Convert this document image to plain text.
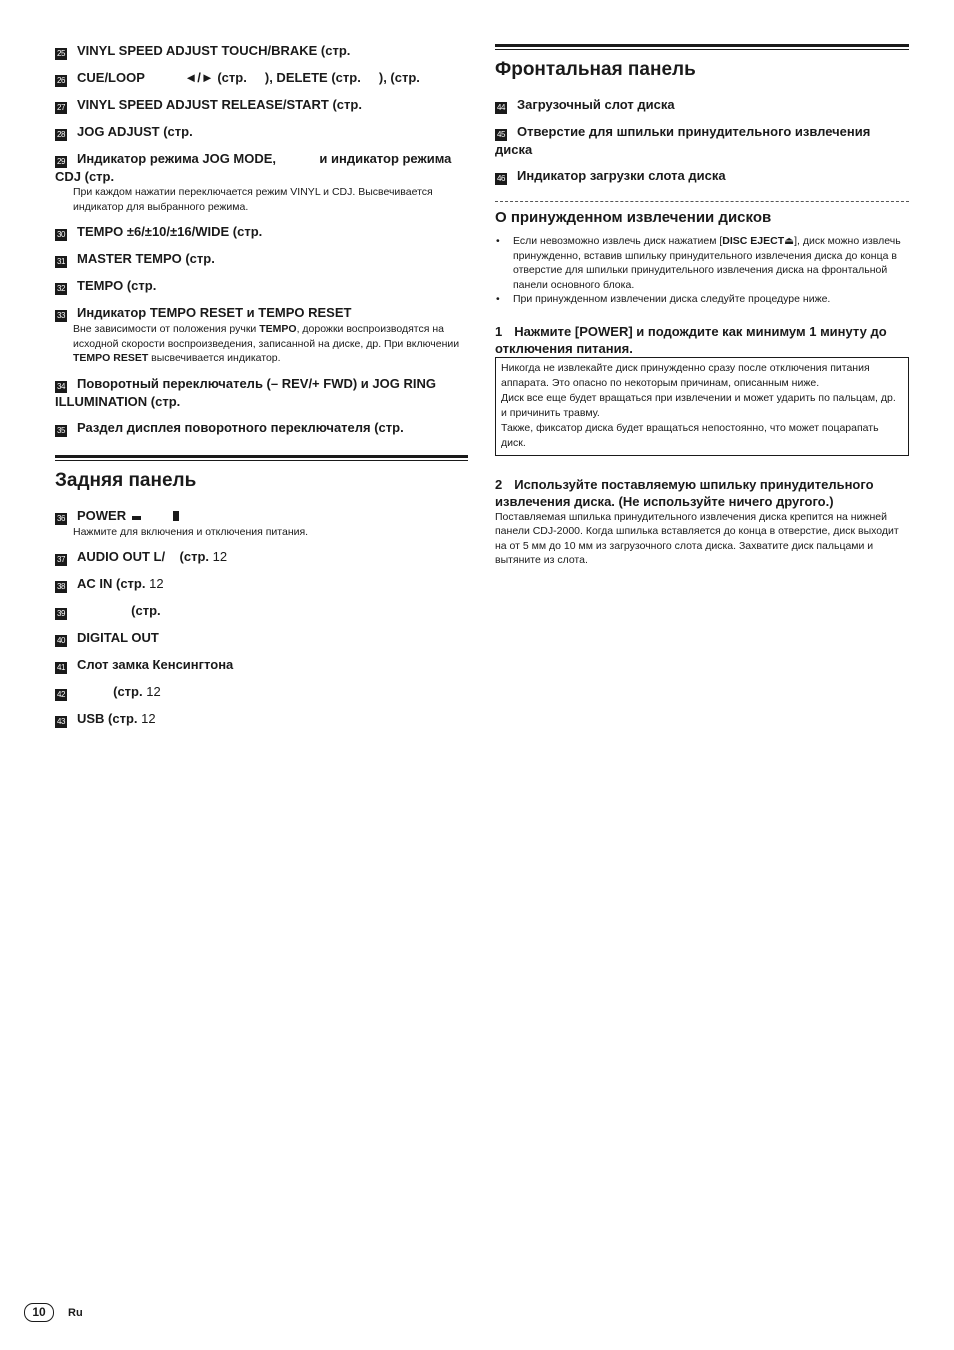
25 VINYL SPEED ADJUST TOUCH/BRAKE (стр.
26 CUE/LOOP           ◄/► (стр.     ), DELETE (стр.     ), (стр.
27 VINYL SPEED ADJUST RELEASE/START (стр.
28 JOG ADJUST (стр.
29 Индикатор режима JOG MODE,            и индикатор режима CDJ (стр.
При каждом нажатии переключается режим VINYL и CDJ. Высвечивается индикатор для выбранного режима.
30 TEMPO ±6/±10/±16/WIDE (стр.
31 MASTER TEMPO (стр.
32 TEMPO (стр.
33 Индикатор TEMPO RESET и TEMPO RESET
Вне зависимости от положения ручки TEMPO, дорожки воспроизводятся на исходной скорости воспроизведения, записанной на диске, др. При включении TEMPO RESET высвечивается индикатор.
34 Поворотный переключатель (– REV/+ FWD) и JOG RING ILLUMINATION (стр.
35 Раздел дисплея поворотного переключателя (стр.
Задняя панель
36 POWER
Нажмите для включения и отключения питания.
37 AUDIO OUT L/    (стр. 12
38 AC IN (стр. 12
39               (стр.
40 DIGITAL OUT
41 Слот замка Кенсингтона
42          (стр. 12
43 USB (стр. 12
Фронтальная панель
44 Загрузочный слот диска
45 Отверстие для шпильки принудительного извлечения диска
46 Индикатор загрузки слота диска
О принужденном извлечении дисков
• Если невозможно извлечь диск нажатием [DISC EJECT⏏], диск можно извлечь принужденно, вставив шпильку принудительного извлечения диска до конца в отверстие для шпильки принудительного извлечения диска на фронтальной панели основного блока.
• При принужденном извлечении диска следуйте процедуре ниже.
1 Нажмите [POWER] и подождите как минимум 1 минуту до отключения питания.
Никогда не извлекайте диск принужденно сразу после отключения питания аппарата. Это опасно по некоторым причинам, описанным ниже.
Диск все еще будет вращаться при извлечении и может ударить по пальцам, др. и причинить травму.
Также, фиксатор диска будет вращаться непостоянно, что может поцарапать диск.
2 Используйте поставляемую шпильку принудительного извлечения диска. (Не используйте ничего другого.)
Поставляемая шпилька принудительного извлечения диска крепится на нижней панели CDJ-2000. Когда шпилька вставляется до конца в отверстие, диск выходит на от 5 мм до 10 мм из загрузочного слота диска. Захватите диск пальцами и вытяните из слота.
10	Ru
